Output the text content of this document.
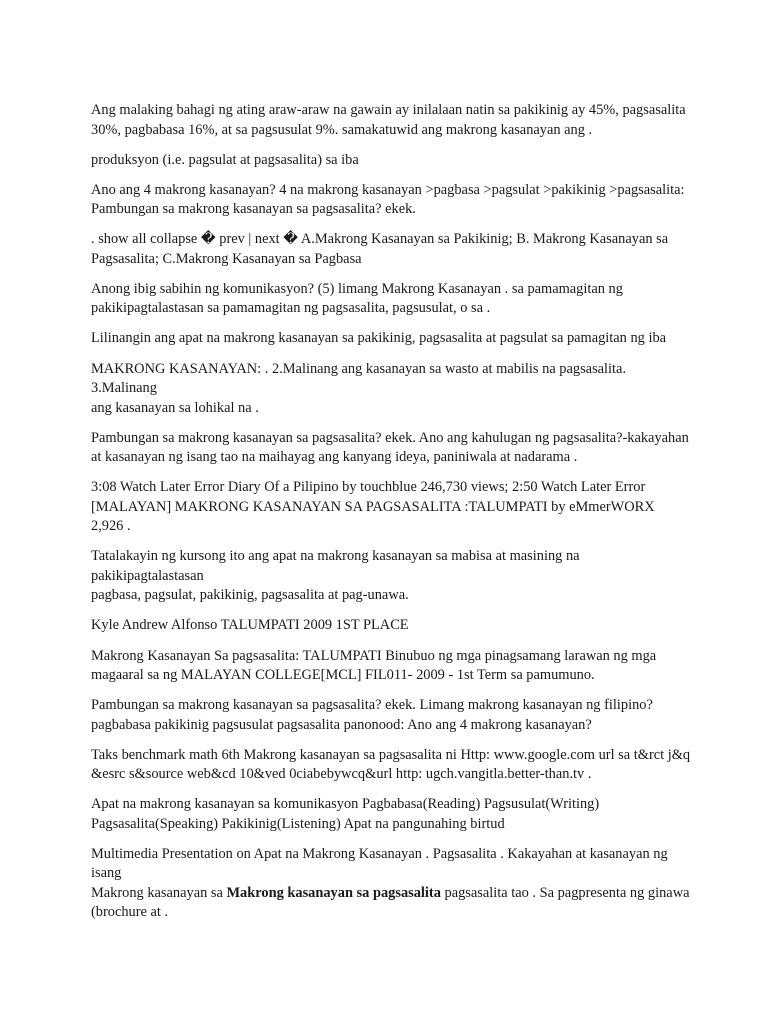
Ang malaking bahagi ng ating araw-araw na gawain ay inilalaan natin sa pakikinig ay 45%, pagsasalita
30%, pagbabasa 16%, at sa pagsusulat 9%. samakatuwid ang makrong kasanayan ang .

produksyon (i.e. pagsulat at pagsasalita) sa iba

Ano ang 4 makrong kasanayan? 4 na makrong kasanayan >pagbasa >pagsulat >pakikinig >pagsasalita:
Pambungan sa makrong kasanayan sa pagsasalita? ekek.

. show all collapse � prev | next � A.Makrong Kasanayan sa Pakikinig; B. Makrong Kasanayan sa
Pagsasalita; C.Makrong Kasanayan sa Pagbasa

Anong ibig sabihin ng komunikasyon? (5) limang Makrong Kasanayan . sa pamamagitan ng
pakikipagtalastasan sa pamamagitan ng pagsasalita, pagsusulat, o sa .

Lilinangin ang apat na makrong kasanayan sa pakikinig, pagsasalita at pagsulat sa pamagitan ng iba

MAKRONG KASANAYAN: . 2.Malinang ang kasanayan sa wasto at mabilis na pagsasalita. 3.Malinang
ang kasanayan sa lohikal na .

Pambungan sa makrong kasanayan sa pagsasalita? ekek. Ano ang kahulugan ng pagsasalita?-kakayahan
at kasanayan ng isang tao na maihayag ang kanyang ideya, paniniwala at nadarama .

3:08 Watch Later Error Diary Of a Pilipino by touchblue 246,730 views; 2:50 Watch Later Error
[MALAYAN] MAKRONG KASANAYAN SA PAGSASALITA :TALUMPATI by eMmerWORX
2,926 .

Tatalakayin ng kursong ito ang apat na makrong kasanayan sa mabisa at masining na pakikipagtalastasan
pagbasa, pagsulat, pakikinig, pagsasalita at pag-unawa.

Kyle Andrew Alfonso TALUMPATI 2009 1ST PLACE

Makrong Kasanayan Sa pagsasalita: TALUMPATI Binubuo ng mga pinagsamang larawan ng mga
magaaral sa ng MALAYAN COLLEGE[MCL] FIL011- 2009 - 1st Term sa pamumuno.

Pambungan sa makrong kasanayan sa pagsasalita? ekek. Limang makrong kasanayan ng filipino?
pagbabasa pakikinig pagsusulat pagsasalita panonood: Ano ang 4 makrong kasanayan?

Taks benchmark math 6th Makrong kasanayan sa pagsasalita ni Http: www.google.com url sa t&rct j&q
&esrc s&source web&cd 10&ved 0ciabebywcq&url http: ugch.vangitla.better-than.tv .

Apat na makrong kasanayan sa komunikasyon Pagbabasa(Reading) Pagsusulat(Writing)
Pagsasalita(Speaking) Pakikinig(Listening) Apat na pangunahing birtud

Multimedia Presentation on Apat na Makrong Kasanayan . Pagsasalita . Kakayahan at kasanayan ng isang
Makrong kasanayan sa Makrong kasanayan sa pagsasalita pagsasalita tao . Sa pagpresenta ng ginawa
(brochure at .
